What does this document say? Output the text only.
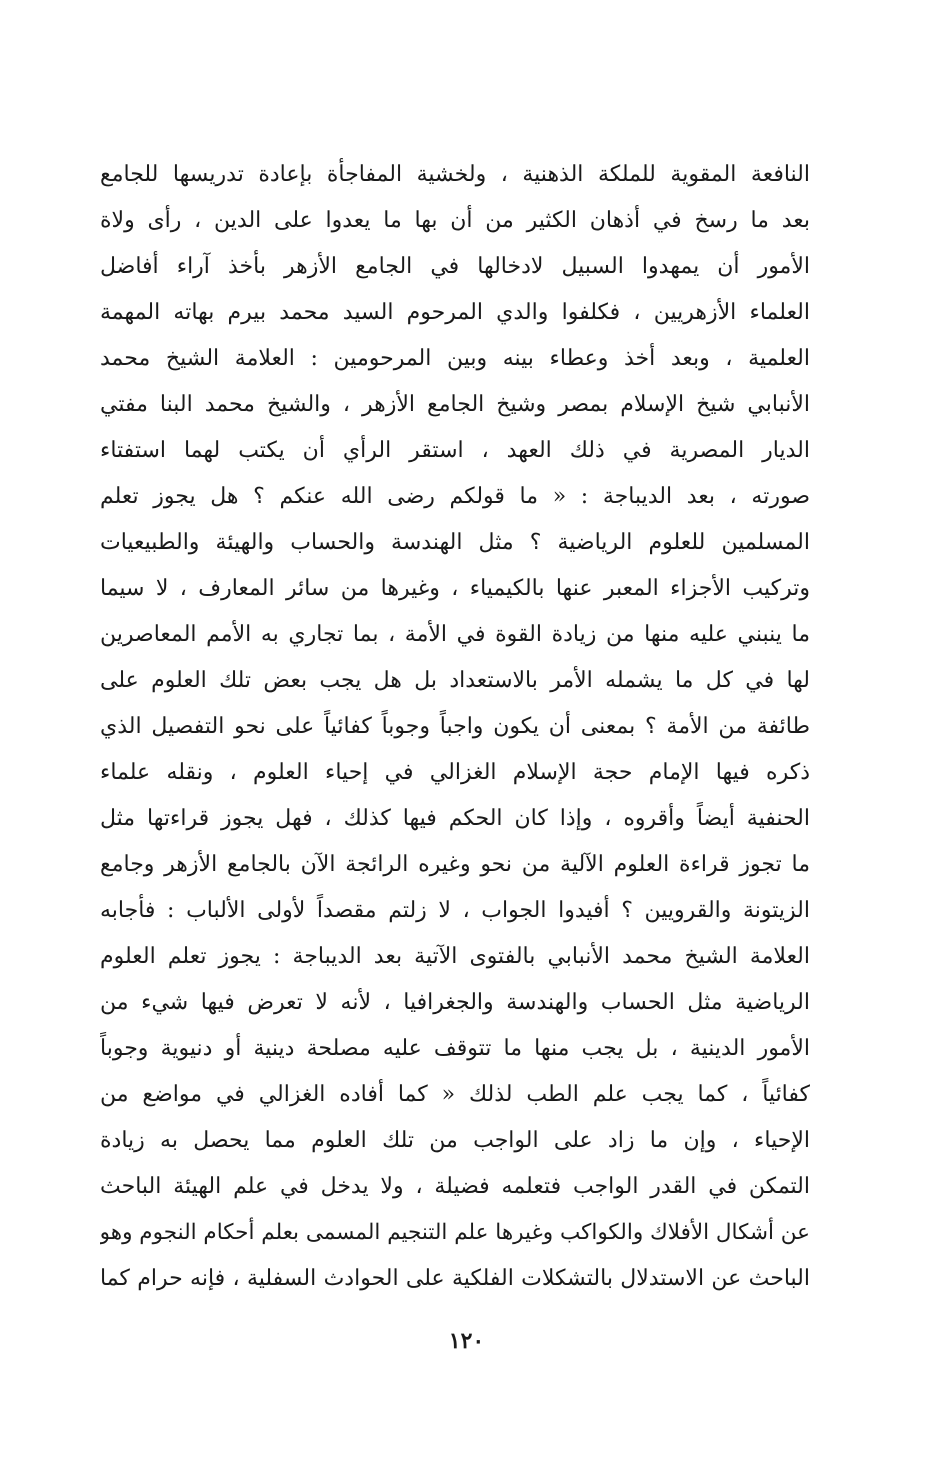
النافعة المقوية للملكة الذهنية ، ولخشية المفاجأة بإعادة تدريسها للجامع
بعد ما رسخ في أذهان الكثير من أن بها ما يعدوا على الدين ، رأى ولاة
الأمور أن يمهدوا السبيل لادخالها في الجامع الأزهر بأخذ آراء أفاضل
العلماء الأزهريين ، فكلفوا والدي المرحوم السيد محمد بيرم بهاته المهمة
العلمية ، وبعد أخذ وعطاء بينه وبين المرحومين : العلامة الشيخ محمد
الأنبابي شيخ الإسلام بمصر وشيخ الجامع الأزهر ، والشيخ محمد البنا مفتي
الديار المصرية في ذلك العهد ، استقر الرأي أن يكتب لهما استفتاء
صورته ، بعد الديباجة : « ما قولكم رضى الله عنكم ؟ هل يجوز تعلم
المسلمين للعلوم الرياضية ؟ مثل الهندسة والحساب والهيئة والطبيعيات
وتركيب الأجزاء المعبر عنها بالكيمياء ، وغيرها من سائر المعارف ، لا سيما
ما ينبني عليه منها من زيادة القوة في الأمة ، بما تجاري به الأمم المعاصرين
لها في كل ما يشمله الأمر بالاستعداد بل هل يجب بعض تلك العلوم على
طائفة من الأمة ؟ بمعنى أن يكون واجباً وجوباً كفائياً على نحو التفصيل الذي
ذكره فيها الإمام حجة الإسلام الغزالي في إحياء العلوم ، ونقله علماء
الحنفية أيضاً وأقروه ، وإذا كان الحكم فيها كذلك ، فهل يجوز قراءتها مثل
ما تجوز قراءة العلوم الآلية من نحو وغيره الرائجة الآن بالجامع الأزهر وجامع
الزيتونة والقرويين ؟ أفيدوا الجواب ، لا زلتم مقصداً لأولى الألباب : فأجابه
العلامة الشيخ محمد الأنبابي بالفتوى الآتية بعد الديباجة : يجوز تعلم العلوم
الرياضية مثل الحساب والهندسة والجغرافيا ، لأنه لا تعرض فيها شيء من
الأمور الدينية ، بل يجب منها ما تتوقف عليه مصلحة دينية أو دنيوية وجوباً
كفائياً ، كما يجب علم الطب لذلك « كما أفاده الغزالي في مواضع من
الإحياء ، وإن ما زاد على الواجب من تلك العلوم مما يحصل به زيادة
التمكن في القدر الواجب فتعلمه فضيلة ، ولا يدخل في علم الهيئة الباحث
عن أشكال الأفلاك والكواكب وغيرها علم التنجيم المسمى بعلم أحكام النجوم وهو
الباحث عن الاستدلال بالتشكلات الفلكية على الحوادث السفلية ، فإنه حرام كما
١٢٠
